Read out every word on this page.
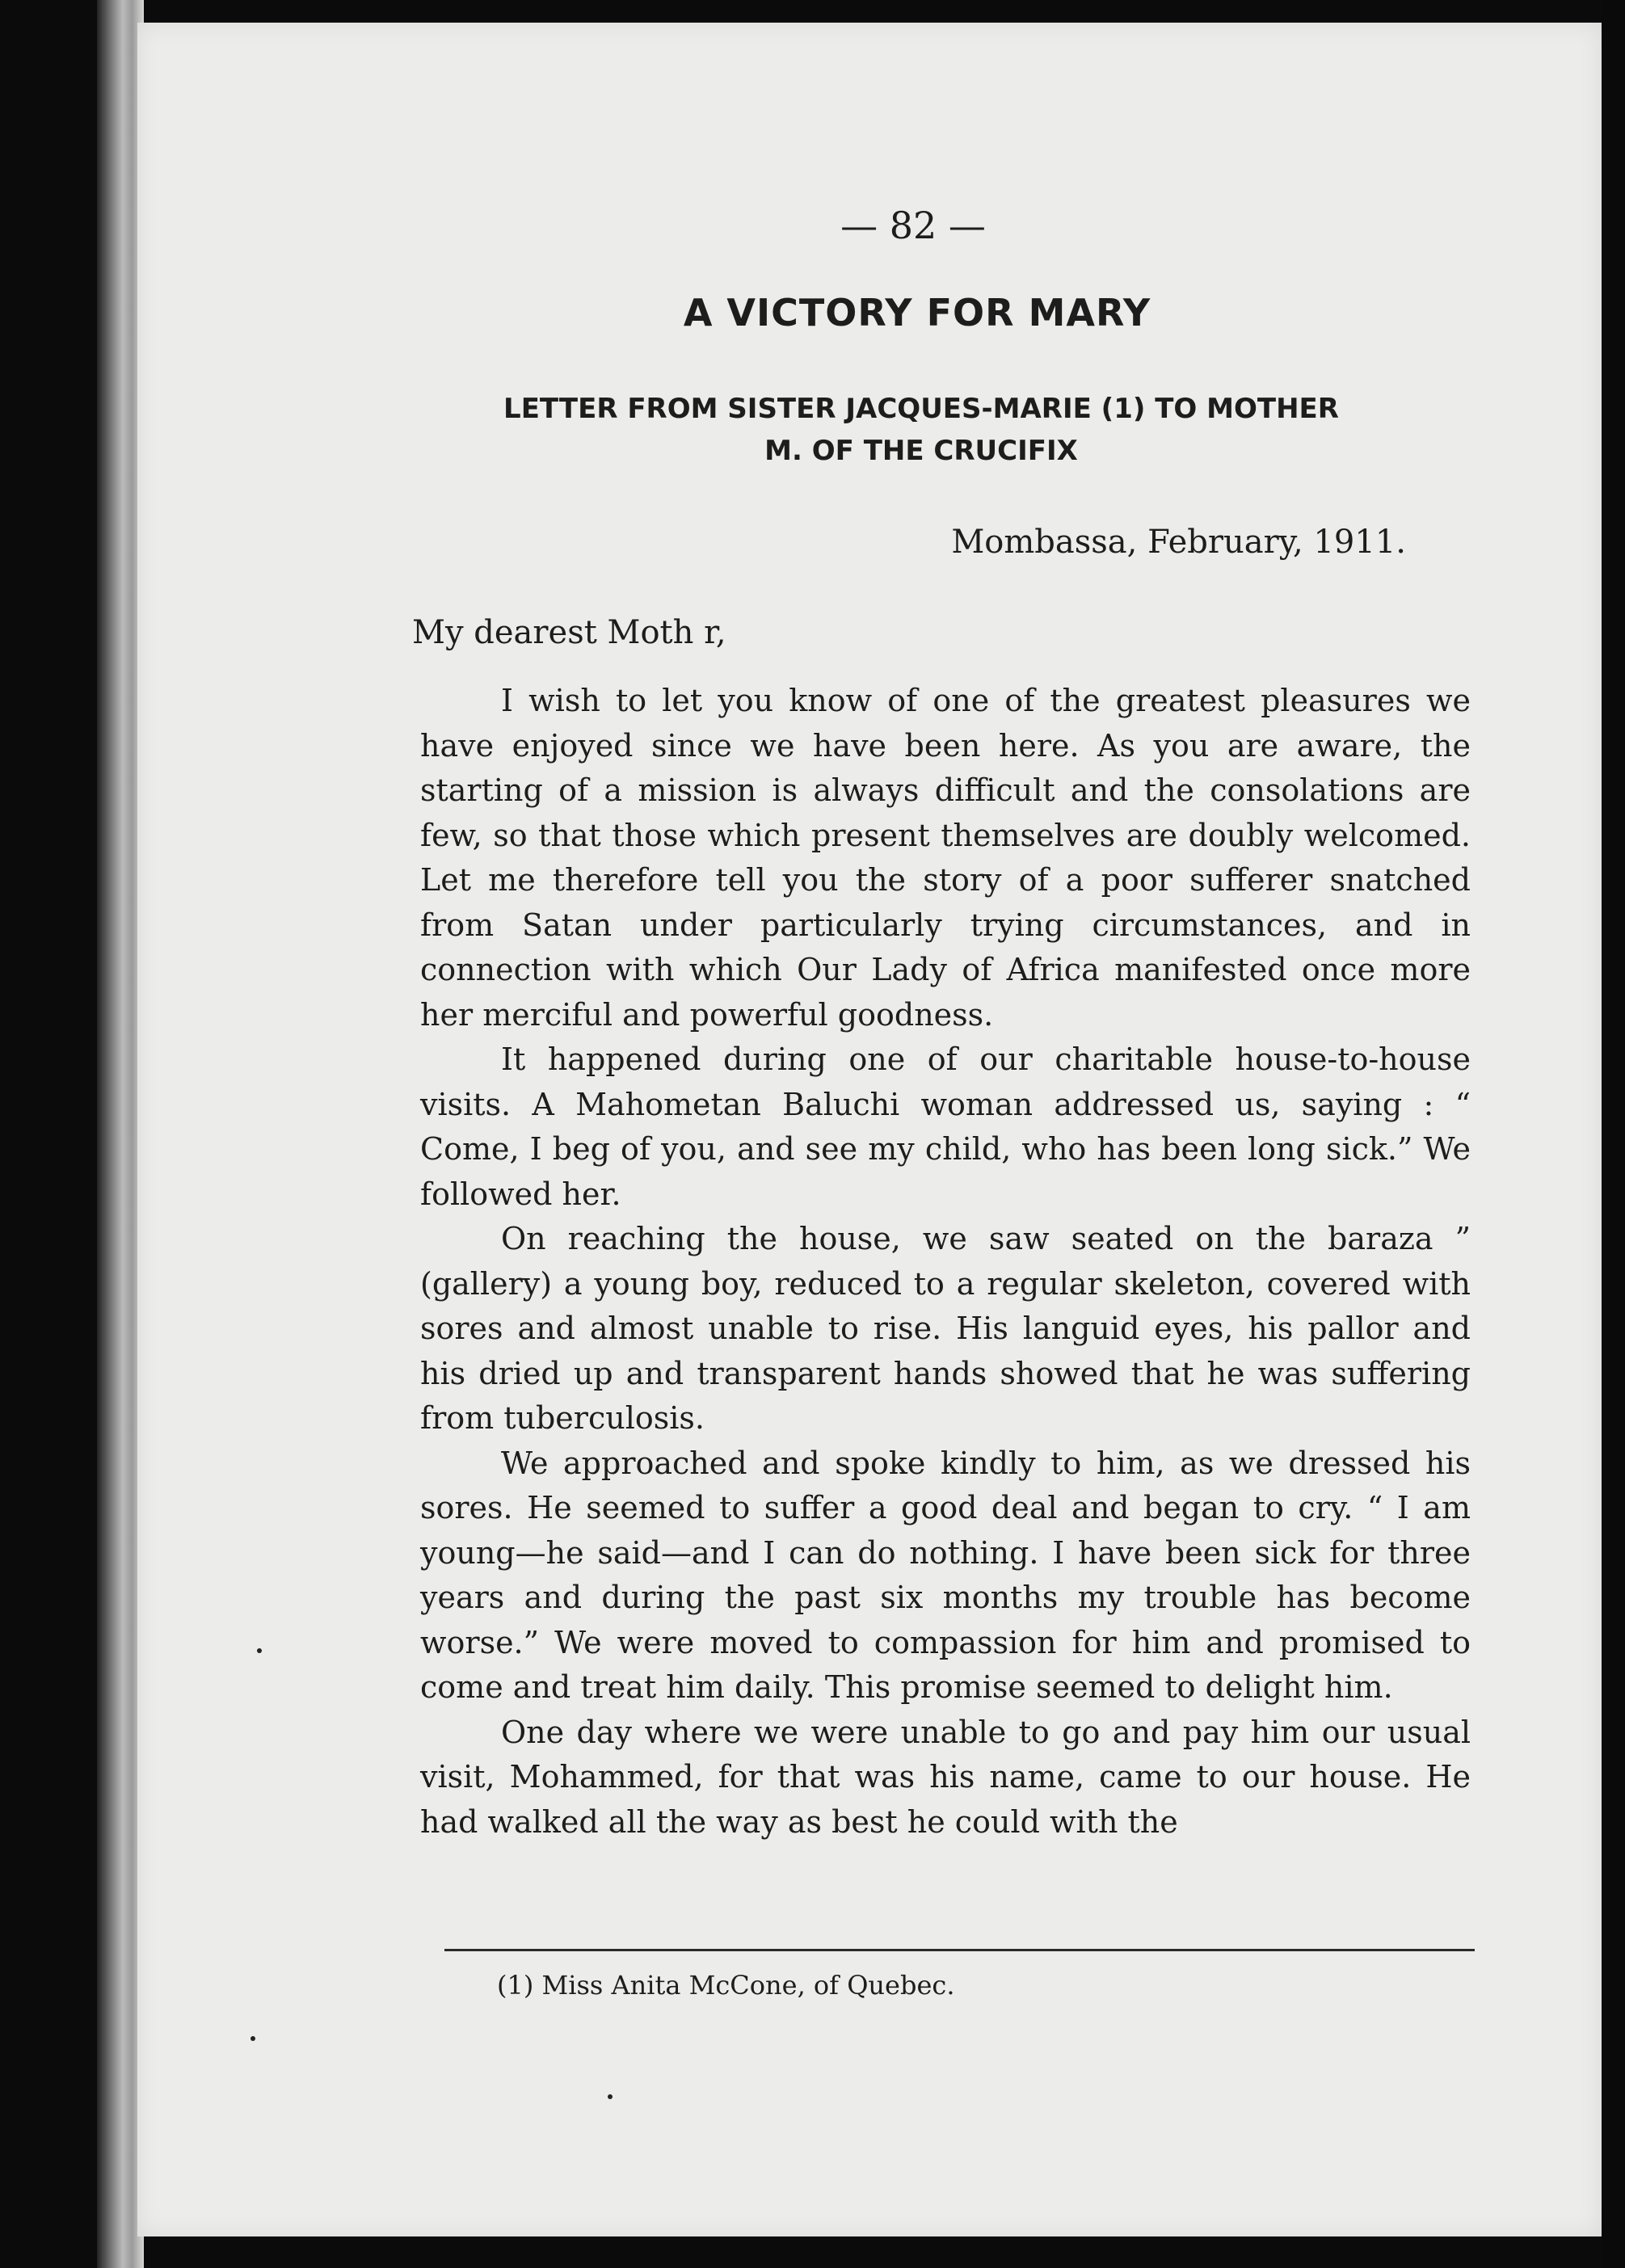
— 82 —
A VICTORY FOR MARY
LETTER FROM SISTER JACQUES-MARIE (1) TO MOTHER
M. OF THE CRUCIFIX
Mombassa, February, 1911.
My dearest Moth r,

I wish to let you know of one of the greatest pleasures we have enjoyed since we have been here. As you are aware, the starting of a mission is always difficult and the consolations are few, so that those which present themselves are doubly welcomed. Let me therefore tell you the story of a poor sufferer snatched from Satan under particularly trying circumstances, and in connection with which Our Lady of Africa manifested once more her merciful and powerful goodness.

It happened during one of our charitable house-to-house visits. A Mahometan Baluchi woman addressed us, saying : “ Come, I beg of you, and see my child, who has been long sick.” We followed her.

On reaching the house, we saw seated on the baraza ” (gallery) a young boy, reduced to a regular skeleton, covered with sores and almost unable to rise. His languid eyes, his pallor and his dried up and transparent hands showed that he was suffering from tuberculosis.

We approached and spoke kindly to him, as we dressed his sores. He seemed to suffer a good deal and began to cry. “ I am young—he said—and I can do nothing. I have been sick for three years and during the past six months my trouble has become worse.” We were moved to compassion for him and promised to come and treat him daily. This promise seemed to delight him.

One day where we were unable to go and pay him our usual visit, Mohammed, for that was his name, came to our house. He had walked all the way as best he could with the

(1) Miss Anita McCone, of Quebec.
